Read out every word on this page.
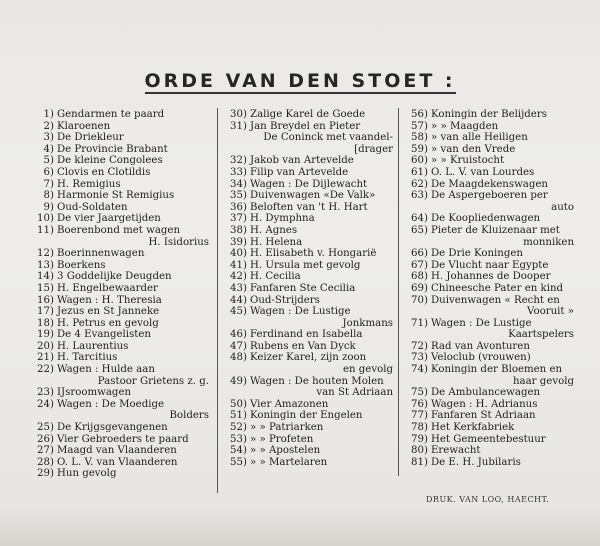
ORDE VAN DEN STOET :
1) Gendarmen te paard
2) Klaroenen
3) De Driekleur
4) De Provincie Brabant
5) De kleine Congolees
6) Clovis en Clotildis
7) H. Remigius
8) Harmonie St Remigius
9) Oud-Soldaten
10) De vier Jaargetijden
11) Boerenbond met wagen
H. Isidorius
12) Boerinnenwagen
13) Boerkens
14) 3 Goddelijke Deugden
15) H. Engelbewaarder
16) Wagen : H. Theresia
17) Jezus en St Janneke
18) H. Petrus en gevolg
19) De 4 Evangelisten
20) H. Laurentius
21) H. Tarcitius
22) Wagen : Hulde aan
Pastoor Grietens z. g.
23) IJsroomwagen
24) Wagen : De Moedige
Bolders
25) De Krijgsgevangenen
26) Vier Gebroeders te paard
27) Maagd van Vlaanderen
28) O. L. V. van Vlaanderen
29) Hun gevolg
30) Zalige Karel de Goede
31) Jan Breydel en Pieter
De Coninck met vaandel-
[drager
32) Jakob van Artevelde
33) Filip van Artevelde
34) Wagen : De Dijlewacht
35) Duivenwagen «De Valk»
36) Beloften van 't H. Hart
37) H. Dymphna
38) H. Agnes
39) H. Helena
40) H. Elisabeth v. Hongarië
41) H. Ursula met gevolg
42) H. Cecilia
43) Fanfaren Ste Cecilia
44) Oud-Strijders
45) Wagen : De Lustige
Jonkmans
46) Ferdinand en Isabella
47) Rubens en Van Dyck
48) Keizer Karel, zijn zoon
en gevolg
49) Wagen : De houten Molen
van St Adriaan
50) Vier Amazonen
51) Koningin der Engelen
52) » » Patriarken
53) » » Profeten
54) » » Apostelen
55) » » Martelaren
56) Koningin der Belijders
57) » » Maagden
58) » van alle Heiligen
59) » van den Vrede
60) » » Kruistocht
61) O. L. V. van Lourdes
62) De Maagdekenswagen
63) De Aspergeboeren per
auto
64) De Koopliedenwagen
65) Pieter de Kluizenaar met
monniken
66) De Drie Koningen
67) De Vlucht naar Egypte
68) H. Johannes de Dooper
69) Chineesche Pater en kind
70) Duivenwagen « Recht en
Vooruit »
71) Wagen : De Lustige
Kaartspelers
72) Rad van Avonturen
73) Veloclub (vrouwen)
74) Koningin der Bloemen en
haar gevolg
75) De Ambulancewagen
76) Wagen : H. Adrianus
77) Fanfaren St Adriaan
78) Het Kerkfabriek
79) Het Gemeentebestuur
80) Erewacht
81) De E. H. Jubilaris
DRUK. VAN LOO, HAECHT.
